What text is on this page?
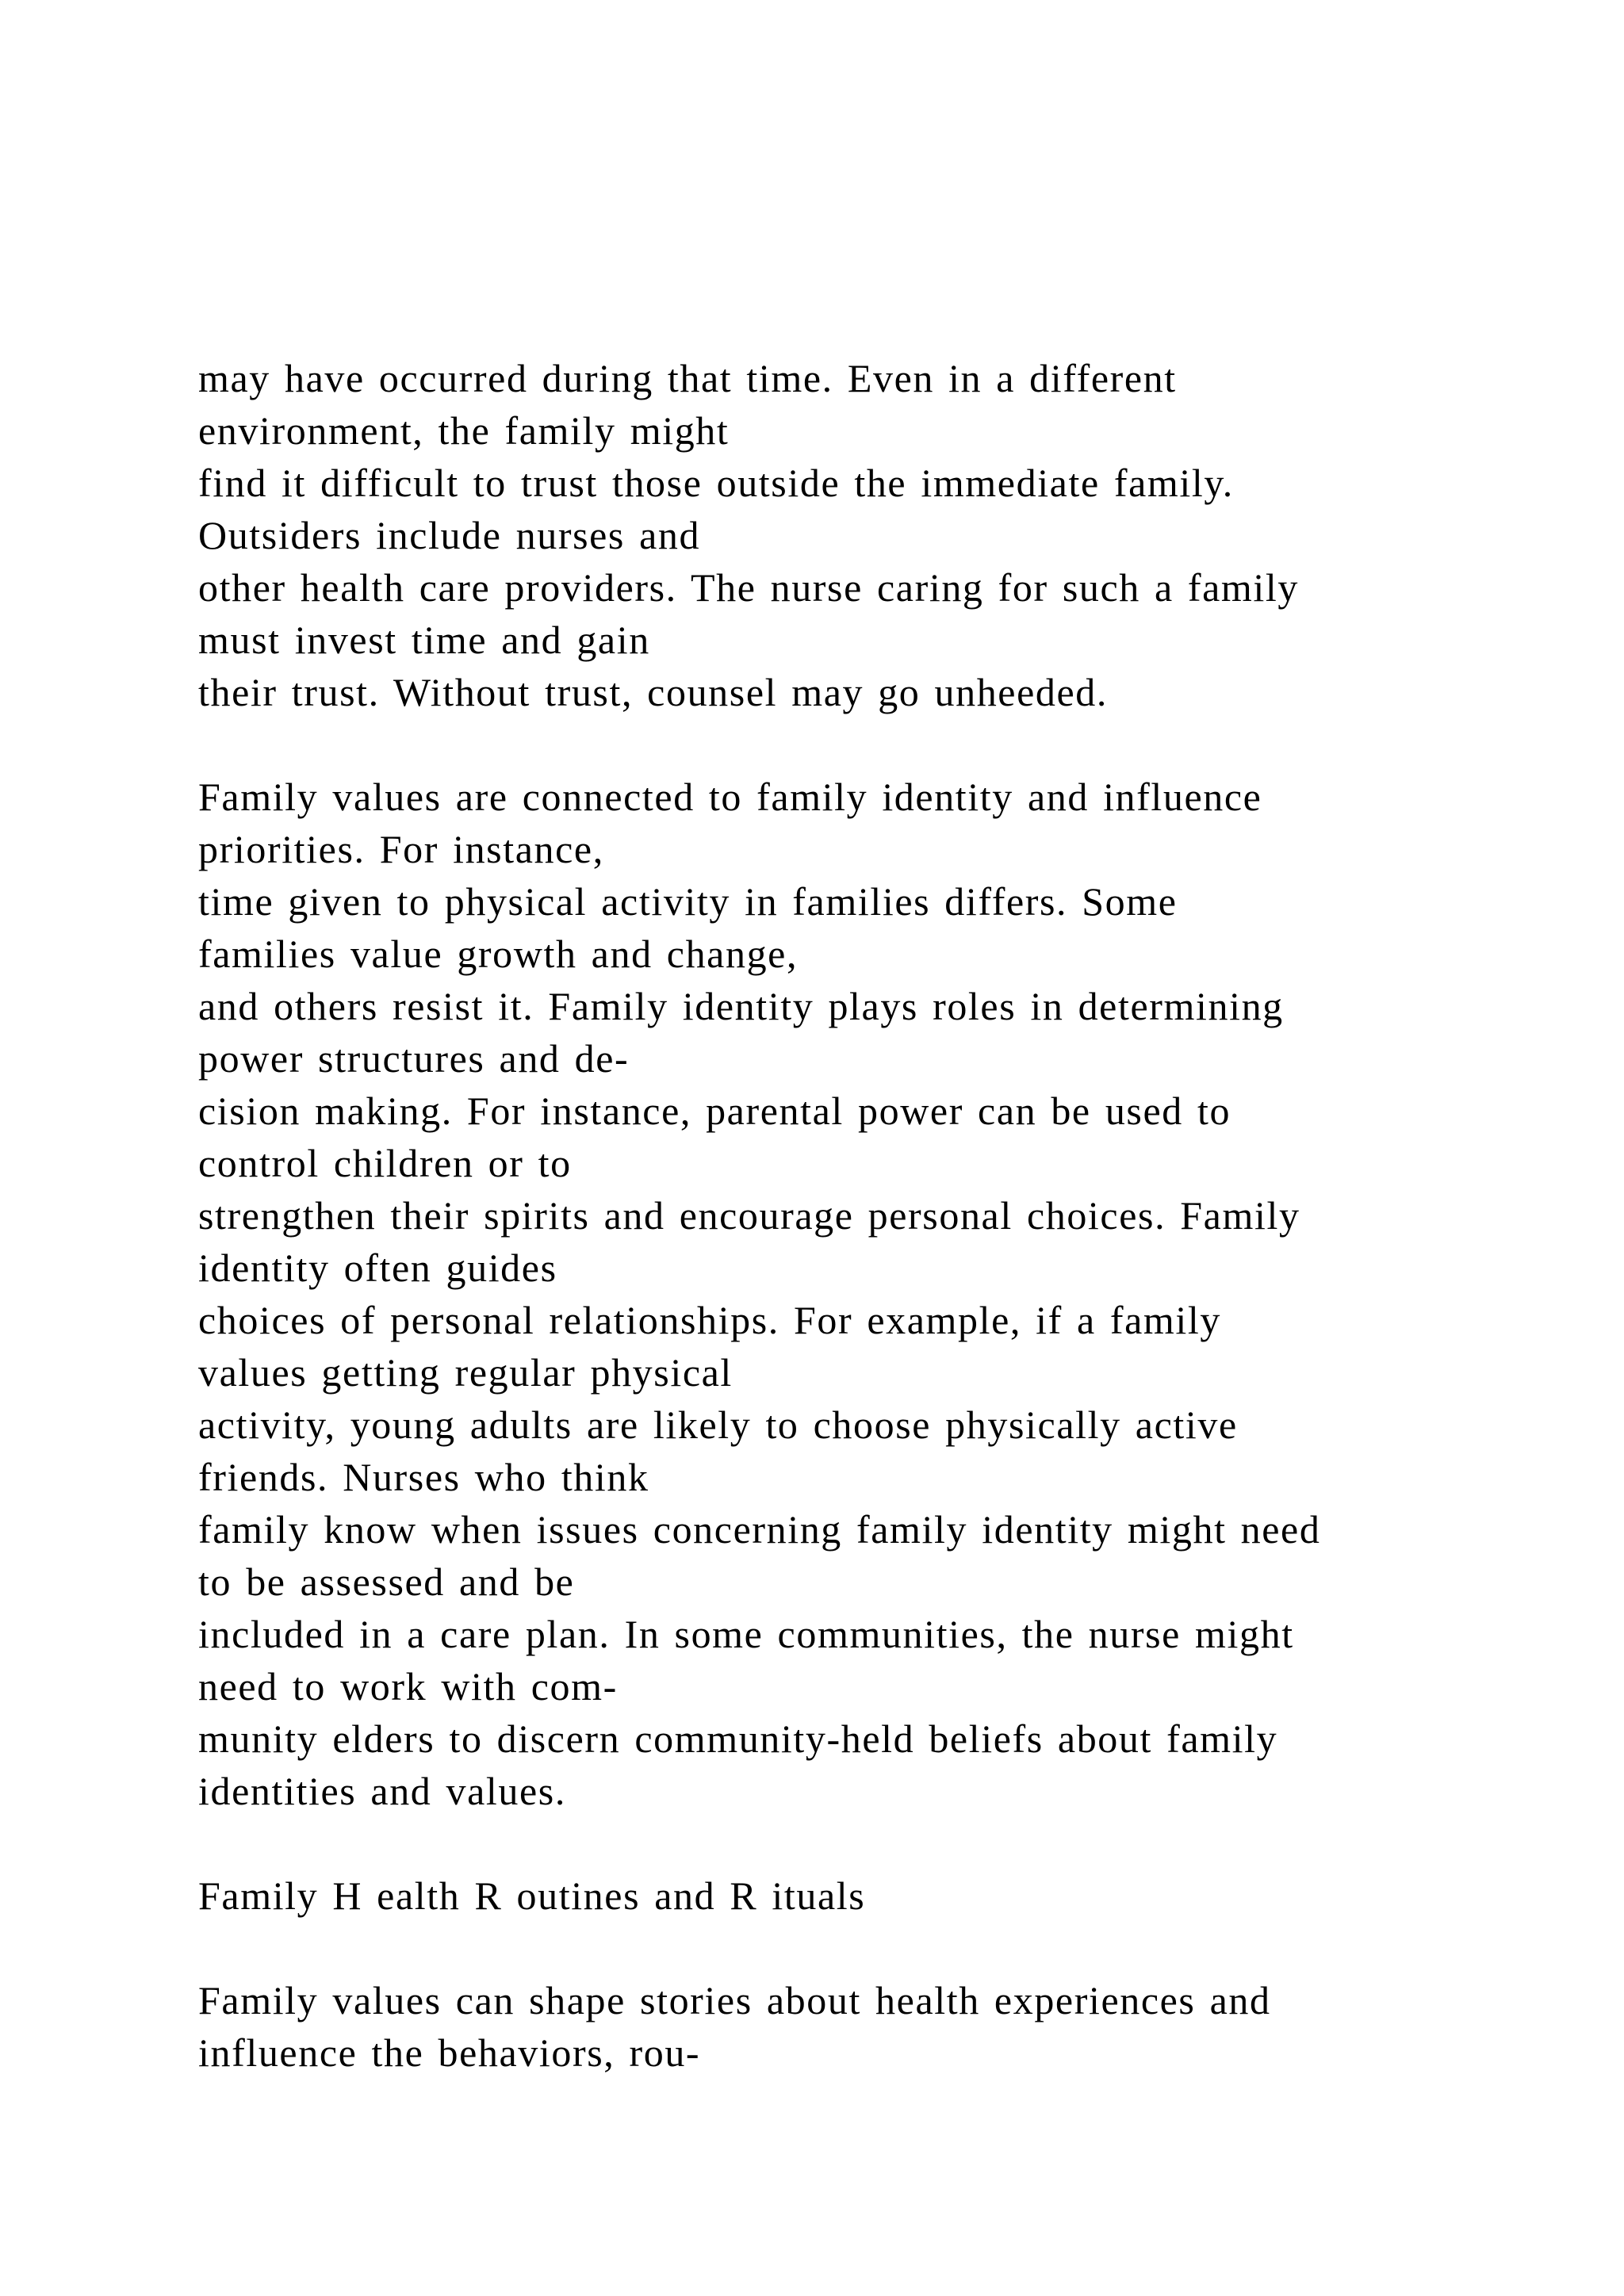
may have occurred during that time. Even in a different
environment, the family might
find it difficult to trust those outside the immediate family.
Outsiders include nurses and
other health care providers. The nurse caring for such a family
must invest time and gain
their trust. Without trust, counsel may go unheeded.
Family values are connected to family identity and influence
priorities. For instance,
time given to physical activity in families differs. Some
families value growth and change,
and others resist it. Family identity plays roles in determining
power structures and de-
cision making. For instance, parental power can be used to
control children or to
strengthen their spirits and encourage personal choices. Family
identity often guides
choices of personal relationships. For example, if a family
values getting regular physical
activity, young adults are likely to choose physically active
friends. Nurses who think
family know when issues concerning family identity might need
to be assessed and be
included in a care plan. In some communities, the nurse might
need to work with com-
munity elders to discern community-held beliefs about family
identities and values.
Family H ealth R outines and R ituals
Family values can shape stories about health experiences and
influence the behaviors, rou-
